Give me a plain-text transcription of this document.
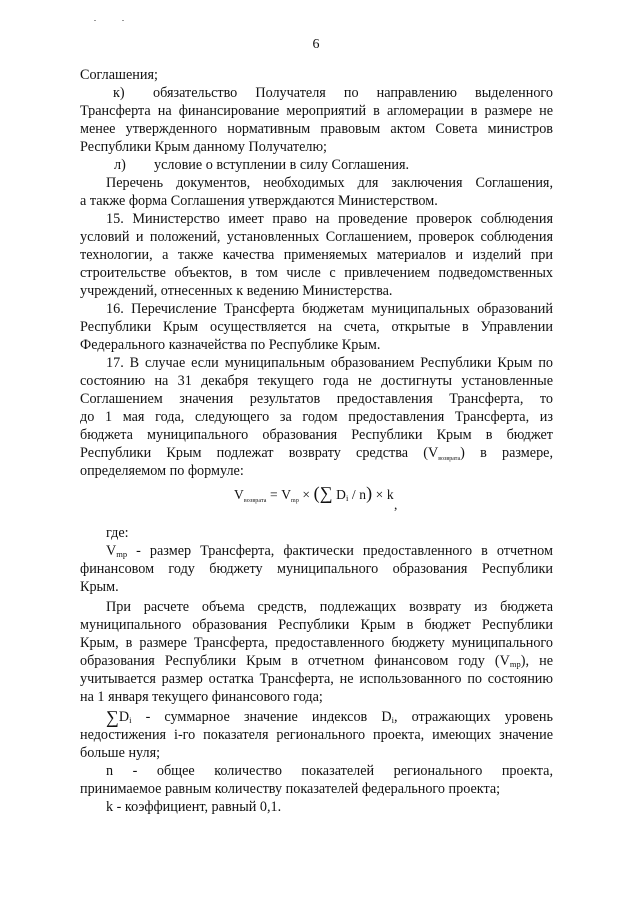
6
Соглашения;
к) обязательство Получателя по направлению выделенного
Трансферта на финансирование мероприятий в агломерации в размере не
менее утвержденного нормативным правовым актом Совета министров
Республики Крым данному Получателю;
л) условие о вступлении в силу Соглашения.
Перечень документов, необходимых для заключения Соглашения,
а также форма Соглашения утверждаются Министерством.
15. Министерство имеет право на проведение проверок соблюдения
условий и положений, установленных Соглашением, проверок соблюдения
технологии, а также качества применяемых материалов и изделий при
строительстве объектов, в том числе с привлечением подведомственных
учреждений, отнесенных к ведению Министерства.
16. Перечисление Трансферта бюджетам муниципальных образований
Республики Крым осуществляется на счета, открытые в Управлении
Федерального казначейства по Республике Крым.
17. В случае если муниципальным образованием Республики Крым по
состоянию на 31 декабря текущего года не достигнуты установленные
Соглашением значения результатов предоставления Трансферта, то
до 1 мая года, следующего за годом предоставления Трансферта, из
бюджета муниципального образования Республики Крым в бюджет
Республики Крым подлежат возврату средства $(V_{возврата})$ в размере,
определяемом по формуле:
$V_{возврата} = V_{mp}$ × (∑ $D_i / n) \times k$
,
где:
$V_{mp}$ - размер Трансферта, фактически предоставленного в отчетном
финансовом году бюджету муниципального образования Республики
Крым.
При расчете объема средств, подлежащих возврату из бюджета
муниципального образования Республики Крым в бюджет Республики
Крым, в размере Трансферта, предоставленного бюджету муниципального
образования Республики Крым в отчетном финансовом году $(V_{mp})$, не
учитывается размер остатка Трансферта, не использованного по состоянию
на 1 января текущего финансового года;
$\sum D_i$ - суммарное значение индексов $D_i$, отражающих уровень
недостижения i-го показателя регионального проекта, имеющих значение
больше нуля;
n - общее количество показателей регионального проекта,
принимаемое равным количеству показателей федерального проекта;
k - коэффициент, равный 0,1.
